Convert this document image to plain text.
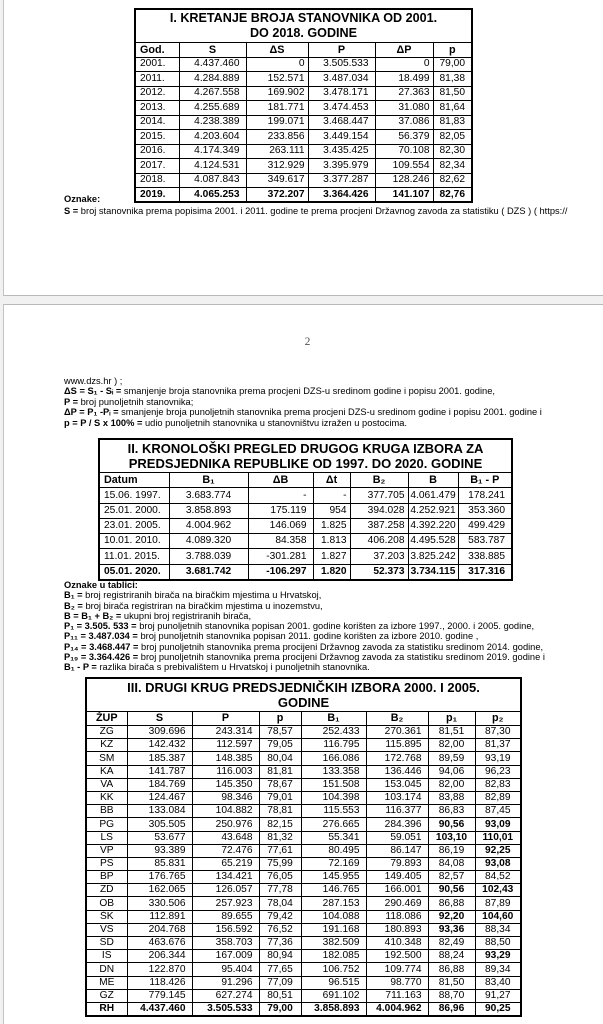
I. KRETANJE BROJA STANOVNIKA OD 2001.
DO 2018. GODINE					
God.	S	ΔS	P	ΔP	p
2001.	4.437.460	0	3.505.533	0	79,00
2011.	4.284.889	152.571	3.487.034	18.499	81,38
2012.	4.267.558	169.902	3.478.171	27.363	81,50
2013.	4.255.689	181.771	3.474.453	31.080	81,64
2014.	4.238.389	199.071	3.468.447	37.086	81,83
2015.	4.203.604	233.856	3.449.154	56.379	82,05
2016.	4.174.349	263.111	3.435.425	70.108	82,30
2017.	4.124.531	312.929	3.395.979	109.554	82,34
2018.	4.087.843	349.617	3.377.287	128.246	82,62
2019.	4.065.253	372.207	3.364.426	141.107	82,76
Oznake:
S = broj stanovnika prema popisima 2001. i 2011. godine te prema procjeni Državnog zavoda za statistiku ( DZS ) ( https://
2
www.dzs.hr ) ;
ΔS = S₁ - Sᵢ = smanjenje broja stanovnika prema procjeni DZS-u sredinom godine i popisu 2001. godine,
P = broj punoljetnih stanovnika;
ΔP = P₁ -Pᵢ = smanjenje broja punoljetnih stanovnika prema procjeni DZS-u sredinom godine i popisu 2001. godine i
p = P / S x 100% = udio punoljetnih stanovnika u stanovništvu izražen u postocima.
II. KRONOLOŠKI PREGLED DRUGOG KRUGA IZBORA ZA
PREDSJEDNIKA REPUBLIKE OD 1997. DO 2020. GODINE						
Datum	B₁	ΔB	Δt	B₂	B	B₁ - P
15.06. 1997.	3.683.774	-	-	377.705	4.061.479	178.241
25.01. 2000.	3.858.893	175.119	954	394.028	4.252.921	353.360
23.01. 2005.	4.004.962	146.069	1.825	387.258	4.392.220	499.429
10.01. 2010.	4.089.320	84.358	1.813	406.208	4.495.528	583.787
11.01. 2015.	3.788.039	-301.281	1.827	37.203	3.825.242	338.885
05.01. 2020.	3.681.742	-106.297	1.820	52.373	3.734.115	317.316
Oznake u tablici:
B₁ = broj registriranih birača na biračkim mjestima u Hrvatskoj,
B₂ = broj birača registriran na biračkim mjestima u inozemstvu,
B = B₁ + B₂ = ukupni broj registriranih birača,
P₁ = 3.505. 533 = broj punoljetnih stanovnika popisan 2001. godine korišten za izbore 1997., 2000. i 2005. godine,
P₁₁ = 3.487.034 = broj punoljetnih stanovnika popisan 2011. godine korišten za izbore 2010. godine ,
P₁₄ = 3.468.447 = broj punoljetnih stanovnika prema procijeni Državnog zavoda za statistiku sredinom 2014. godine,
P₁₉ = 3.364.426 = broj punoljetnih stanovnika prema procijeni Državnog zavoda za statistiku sredinom 2019. godine i
B₁ - P = razlika birača s prebivalištem u Hrvatskoj i punoljetnih stanovnika.
III. DRUGI KRUG PREDSJEDNIČKIH IZBORA 2000. I 2005.
GODINE							
ŽUP	S	P	p	B₁	B₂	p₁	p₂
ZG	309.696	243.314	78,57	252.433	270.361	81,51	87,30
KZ	142.432	112.597	79,05	116.795	115.895	82,00	81,37
SM	185.387	148.385	80,04	166.086	172.768	89,59	93,19
KA	141.787	116.003	81,81	133.358	136.446	94,06	96,23
VA	184.769	145.350	78,67	151.508	153.045	82,00	82,83
KK	124.467	98.346	79,01	104.398	103.174	83,88	82,89
BB	133.084	104.882	78,81	115.553	116.377	86,83	87,45
PG	305.505	250.976	82,15	276.665	284.396	90,56	93,09
LS	53.677	43.648	81,32	55.341	59.051	103,10	110,01
VP	93.389	72.476	77,61	80.495	86.147	86,19	92,25
PS	85.831	65.219	75,99	72.169	79.893	84,08	93,08
BP	176.765	134.421	76,05	145.955	149.405	82,57	84,52
ZD	162.065	126.057	77,78	146.765	166.001	90,56	102,43
OB	330.506	257.923	78,04	287.153	290.469	86,88	87,89
ŠK	112.891	89.655	79,42	104.088	118.086	92,20	104,60
VS	204.768	156.592	76,52	191.168	180.893	93,36	88,34
SD	463.676	358.703	77,36	382.509	410.348	82,49	88,50
IS	206.344	167.009	80,94	182.085	192.500	88,24	93,29
DN	122.870	95.404	77,65	106.752	109.774	86,88	89,34
ME	118.426	91.296	77,09	96.515	98.770	81,50	83,40
GZ	779.145	627.274	80,51	691.102	711.163	88,70	91,27
RH	4.437.460	3.505.533	79,00	3.858.893	4.004.962	86,96	90,25
